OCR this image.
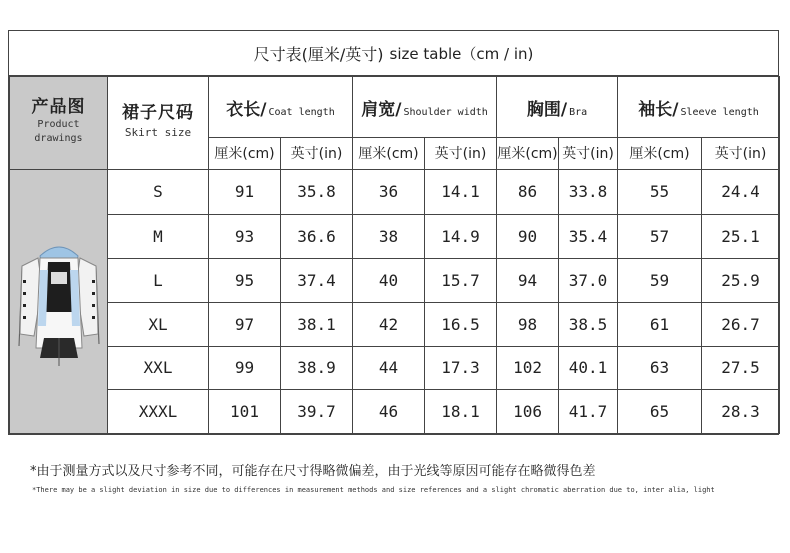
尺寸表(厘米/英寸) size table（cm / in)
产品图
Product
drawings	裙子尺码
Skirt size	衣长/ Coat length		肩宽/ Shoulder width		胸围/ Bra		袖长/ Sleeve length	
		厘米(cm)	英寸(in)	厘米(cm)	英寸(in)	厘米(cm)	英寸(in)	厘米(cm)	英寸(in)

	S	91	35.8	36	14.1	86	33.8	55	24.4
	M	93	36.6	38	14.9	90	35.4	57	25.1
	L	95	37.4	40	15.7	94	37.0	59	25.9
	XL	97	38.1	42	16.5	98	38.5	61	26.7
	XXL	99	38.9	44	17.3	102	40.1	63	27.5
	XXXL	101	39.7	46	18.1	106	41.7	65	28.3
*由于测量方式以及尺寸参考不同，可能存在尺寸得略微偏差，由于光线等原因可能存在略微得色差
*There may be a slight deviation in size due to differences in measurement methods and size references and a slight chromatic aberration due to, inter alia, light
